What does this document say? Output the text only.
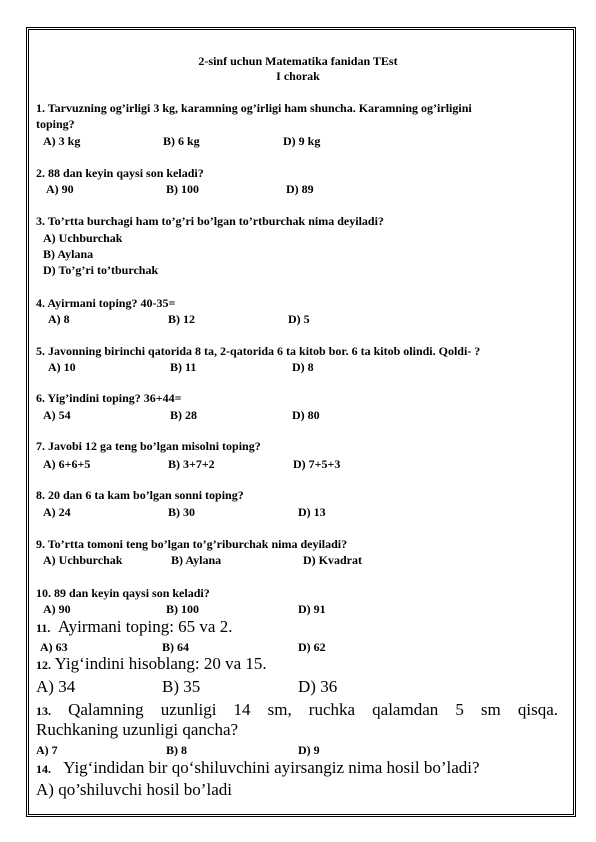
2-sinf uchun Matematika fanidan TEst
I chorak
1. Tarvuzning og’irligi 3 kg, karamning og’irligi ham shuncha. Karamning og’irligini
toping?
A) 3 kg	B) 6 kg	D) 9 kg
2. 88 dan keyin qaysi son keladi?
A) 90	B) 100	D) 89
3. To’rtta burchagi ham to’g’ri bo’lgan to’rtburchak nima deyiladi?
A) Uchburchak
B) Aylana
D) To’g’ri to’tburchak
4. Ayirmani toping? 40-35=
A) 8	B) 12	D) 5
5. Javonning birinchi qatorida 8 ta, 2-qatorida 6 ta kitob bor. 6 ta kitob olindi. Qoldi- ?
A) 10	B) 11	D) 8
6. Yig’indini toping? 36+44=
A) 54	B) 28	D) 80
7. Javobi 12 ga teng bo’lgan misolni toping?
A) 6+6+5	B) 3+7+2	D) 7+5+3
8. 20 dan 6 ta kam bo’lgan sonni toping?
A) 24	B) 30	D) 13
9. To’rtta tomoni teng bo’lgan to’g’riburchak nima deyiladi?
A) Uchburchak	B) Aylana	D) Kvadrat
10. 89 dan keyin qaysi son keladi?
A) 90	B) 100	D) 91
11.  Ayirmani toping: 65 va 2.
A) 63	B) 64	D) 62
12. Yig‘indini hisoblang: 20 va 15.
A) 34	B) 35	D) 36
13.  Qalamning  uzunligi  14  sm,  ruchka  qalamdan  5  sm  qisqa.
Ruchkaning uzunligi qancha?
A) 7	B) 8	D) 9
14.   Yig‘indidan bir qo‘shiluvchini ayirsangiz nima hosil bo’ladi?
A) qo’shiluvchi hosil bo’ladi
